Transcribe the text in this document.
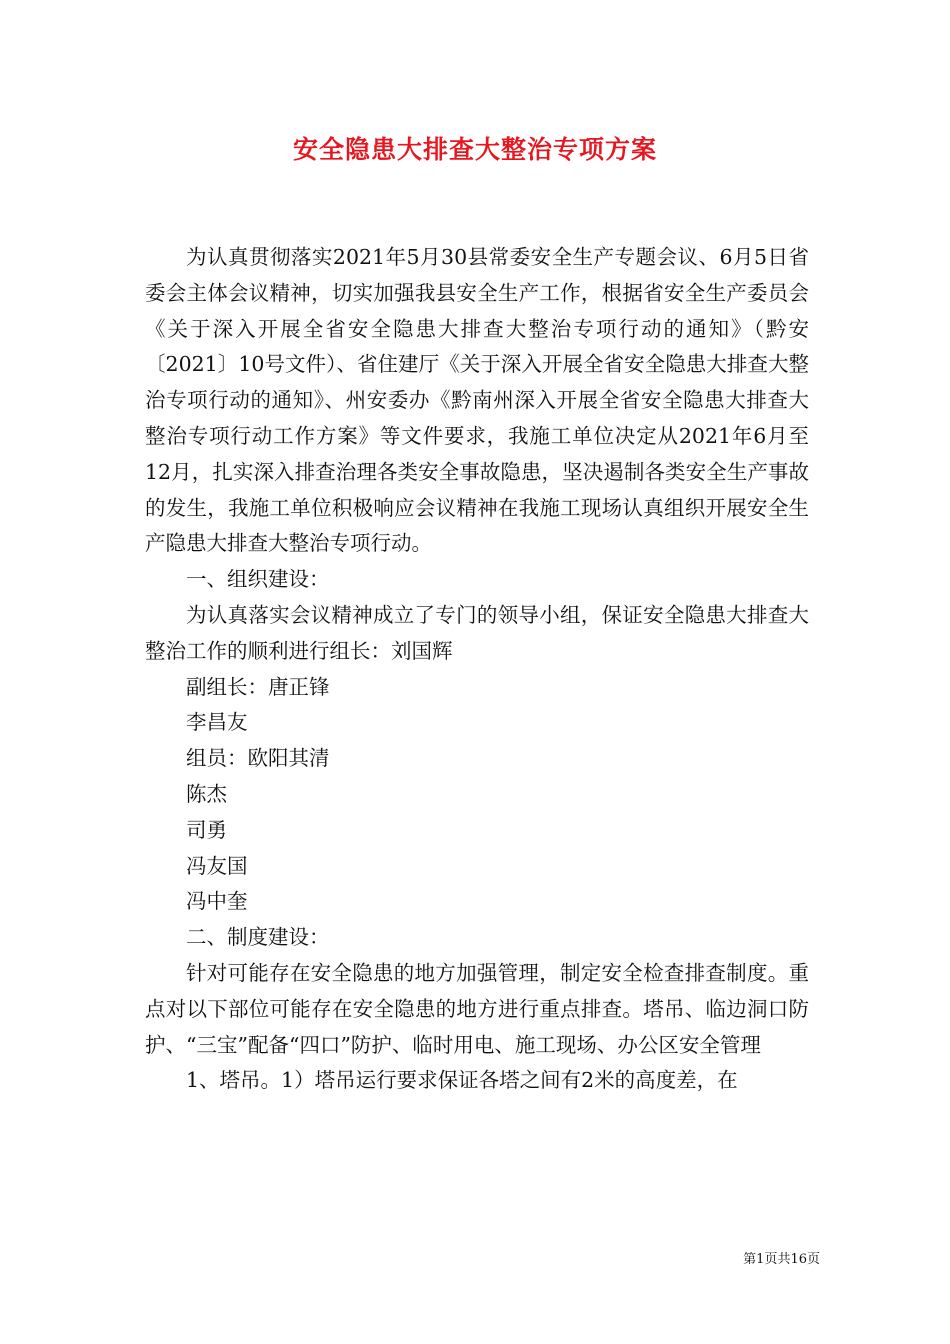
安全隐患大排查大整治专项方案

为认真贯彻落实2021年5月30县常委安全生产专题会议、6月5日省委会主体会议精神，切实加强我县安全生产工作，根据省安全生产委员会《关于深入开展全省安全隐患大排查大整治专项行动的通知》（黔安〔2021〕10号文件）、省住建厅《关于深入开展全省安全隐患大排查大整治专项行动的通知》、州安委办《黔南州深入开展全省安全隐患大排查大整治专项行动工作方案》等文件要求，我施工单位决定从2021年6月至12月，扎实深入排查治理各类安全事故隐患，坚决遏制各类安全生产事故的发生，我施工单位积极响应会议精神在我施工现场认真组织开展安全生产隐患大排查大整治专项行动。

一、组织建设：

为认真落实会议精神成立了专门的领导小组，保证安全隐患大排查大整治工作的顺利进行组长：刘国辉

副组长：唐正锋

李昌友

组员：欧阳其清

陈杰

司勇

冯友国

冯中奎

二、制度建设：

针对可能存在安全隐患的地方加强管理，制定安全检查排查制度。重点对以下部位可能存在安全隐患的地方进行重点排查。塔吊、临边洞口防护、“三宝”配备“四口”防护、临时用电、施工现场、办公区安全管理

1、塔吊。1）塔吊运行要求保证各塔之间有2米的高度差，在

第1页共16页
